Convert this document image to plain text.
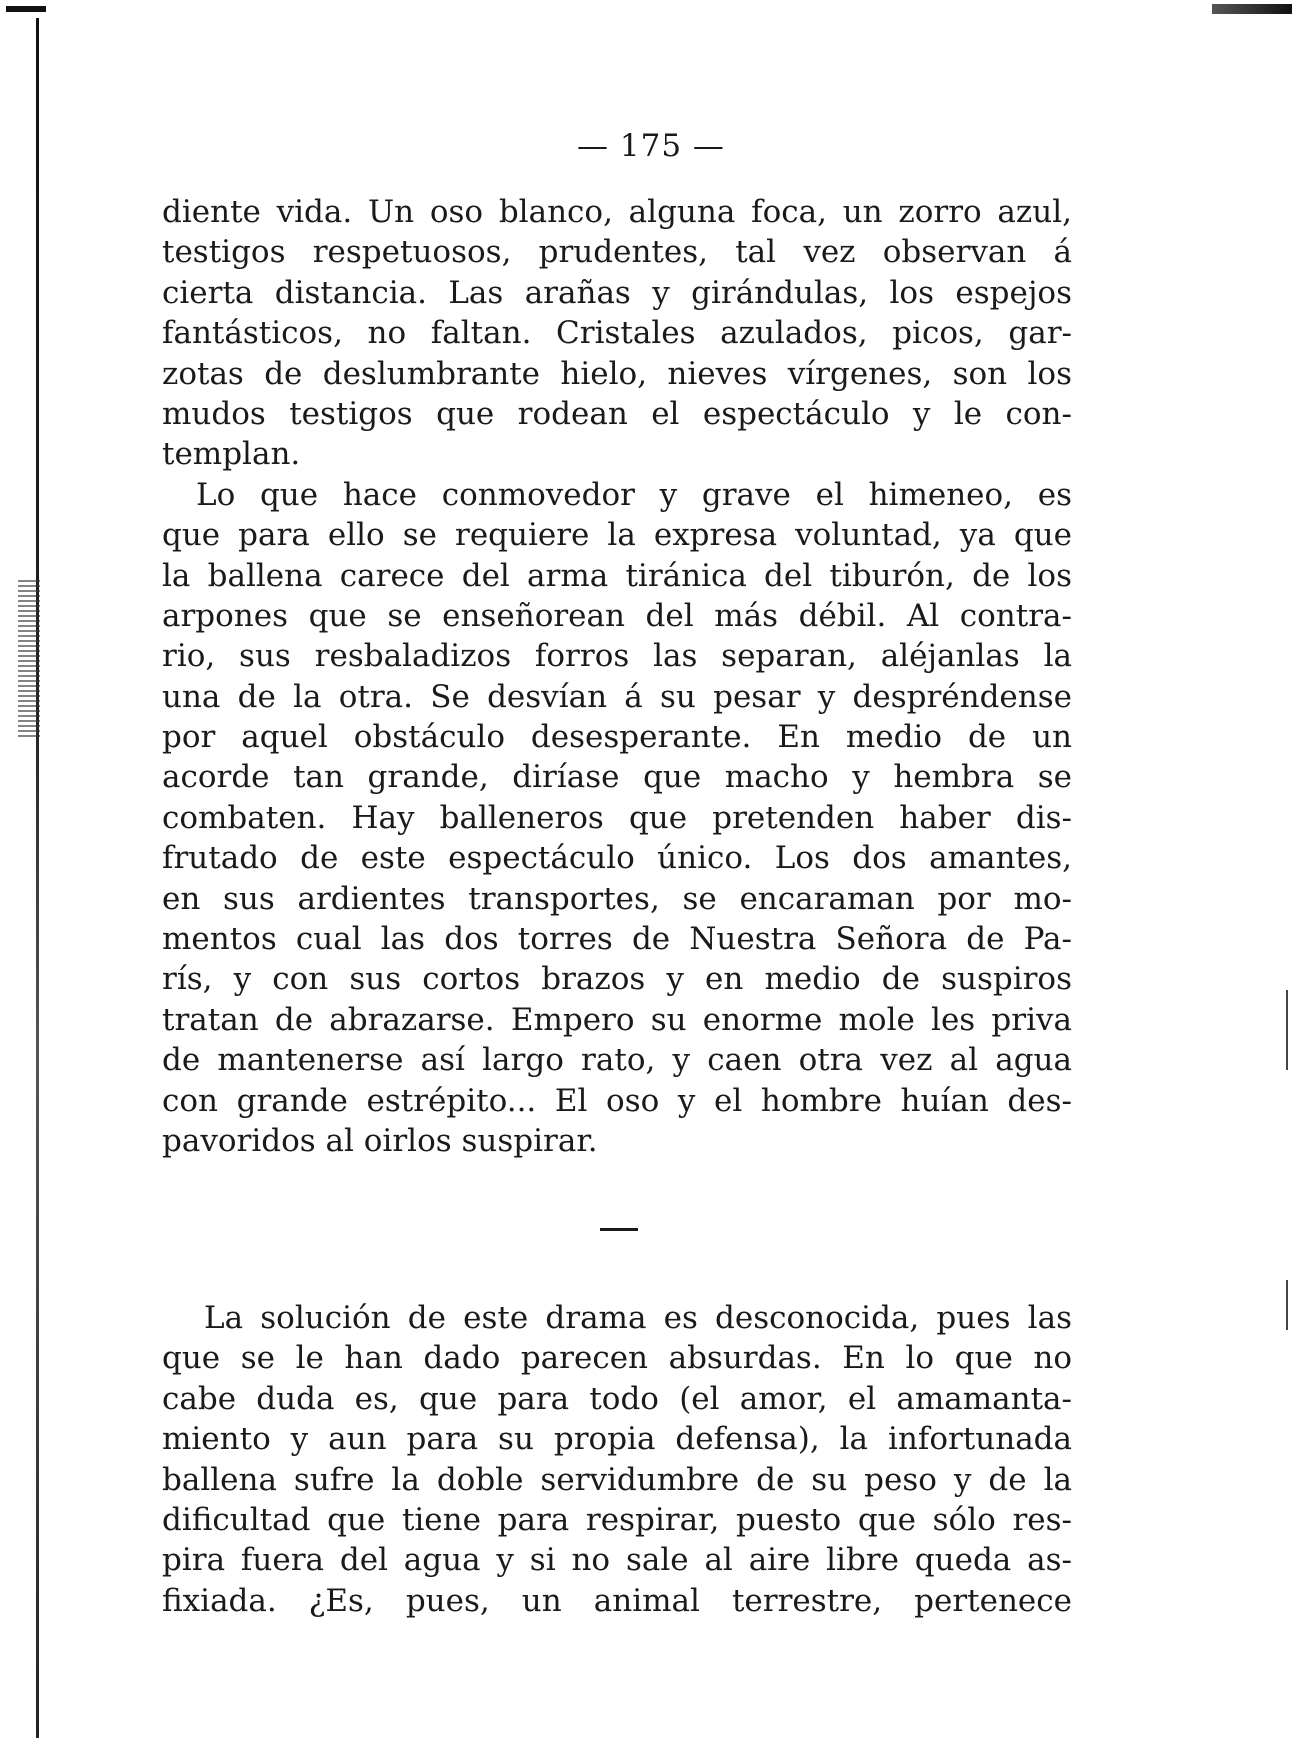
— 175 —
diente vida. Un oso blanco, alguna foca, un zorro azul,
testigos respetuosos, prudentes, tal vez observan á
cierta distancia. Las arañas y girándulas, los espejos
fantásticos, no faltan. Cristales azulados, picos, gar-
zotas de deslumbrante hielo, nieves vírgenes, son los
mudos testigos que rodean el espectáculo y le con-
templan.
Lo que hace conmovedor y grave el himeneo, es
que para ello se requiere la expresa voluntad, ya que
la ballena carece del arma tiránica del tiburón, de los
arpones que se enseñorean del más débil. Al contra-
rio, sus resbaladizos forros las separan, aléjanlas la
una de la otra. Se desvían á su pesar y despréndense
por aquel obstáculo desesperante. En medio de un
acorde tan grande, diríase que macho y hembra se
combaten. Hay balleneros que pretenden haber dis-
frutado de este espectáculo único. Los dos amantes,
en sus ardientes transportes, se encaraman por mo-
mentos cual las dos torres de Nuestra Señora de Pa-
rís, y con sus cortos brazos y en medio de suspiros
tratan de abrazarse. Empero su enorme mole les priva
de mantenerse así largo rato, y caen otra vez al agua
con grande estrépito... El oso y el hombre huían des-
pavoridos al oirlos suspirar.
La solución de este drama es desconocida, pues las
que se le han dado parecen absurdas. En lo que no
cabe duda es, que para todo (el amor, el amamanta-
miento y aun para su propia defensa), la infortunada
ballena sufre la doble servidumbre de su peso y de la
dificultad que tiene para respirar, puesto que sólo res-
pira fuera del agua y si no sale al aire libre queda as-
fixiada. ¿Es, pues, un animal terrestre, pertenece
